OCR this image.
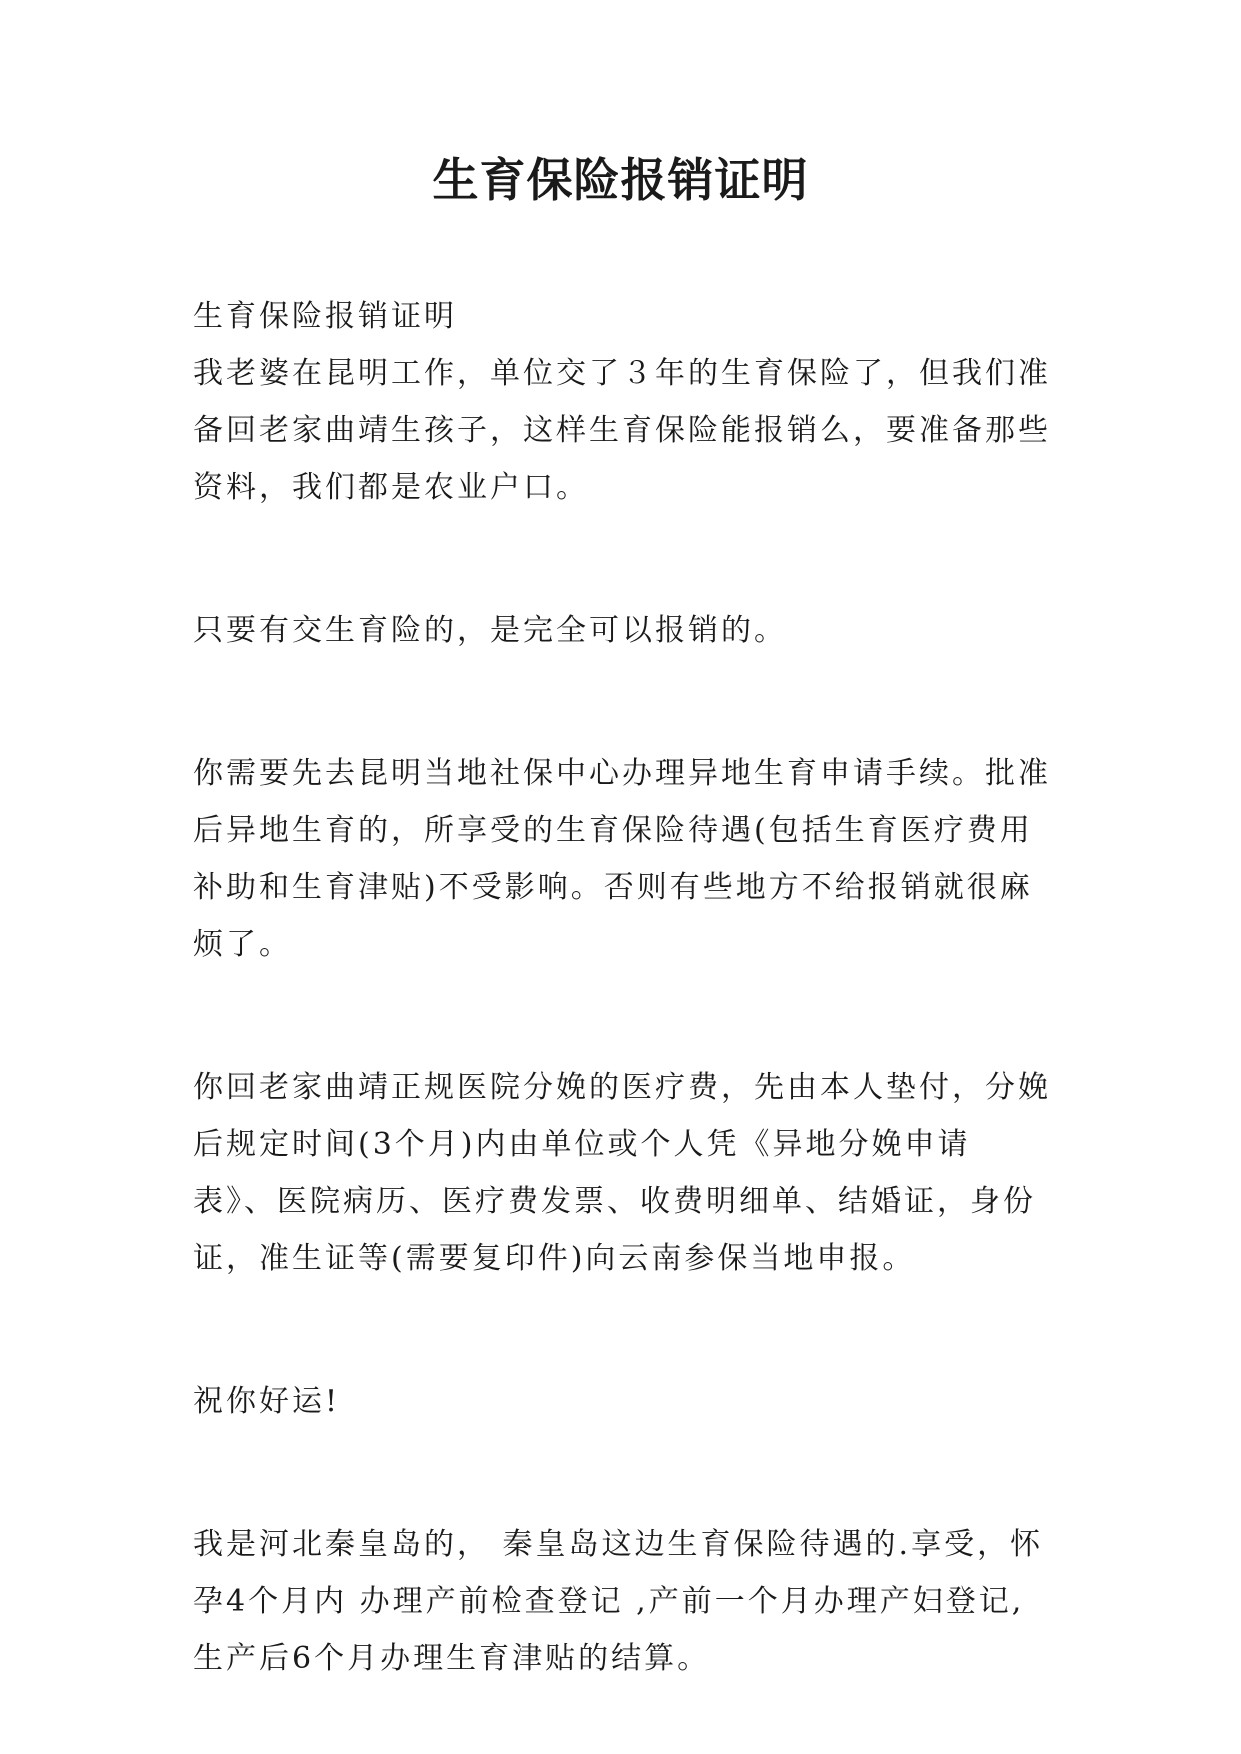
生育保险报销证明

生育保险报销证明

我老婆在昆明工作，单位交了３年的生育保险了，但我们准备回老家曲靖生孩子，这样生育保险能报销么，要准备那些资料，我们都是农业户口。

只要有交生育险的，是完全可以报销的。

你需要先去昆明当地社保中心办理异地生育申请手续。批准后异地生育的，所享受的生育保险待遇(包括生育医疗费用补助和生育津贴)不受影响。否则有些地方不给报销就很麻烦了。

你回老家曲靖正规医院分娩的医疗费，先由本人垫付，分娩后规定时间(3个月)内由单位或个人凭《异地分娩申请表》、医院病历、医疗费发票、收费明细单、结婚证，身份证，准生证等(需要复印件)向云南参保当地申报。

祝你好运!

我是河北秦皇岛的， 秦皇岛这边生育保险待遇的.享受，怀孕4个月内 办理产前检查登记 ,产前一个月办理产妇登记,生产后6个月办理生育津贴的结算。
